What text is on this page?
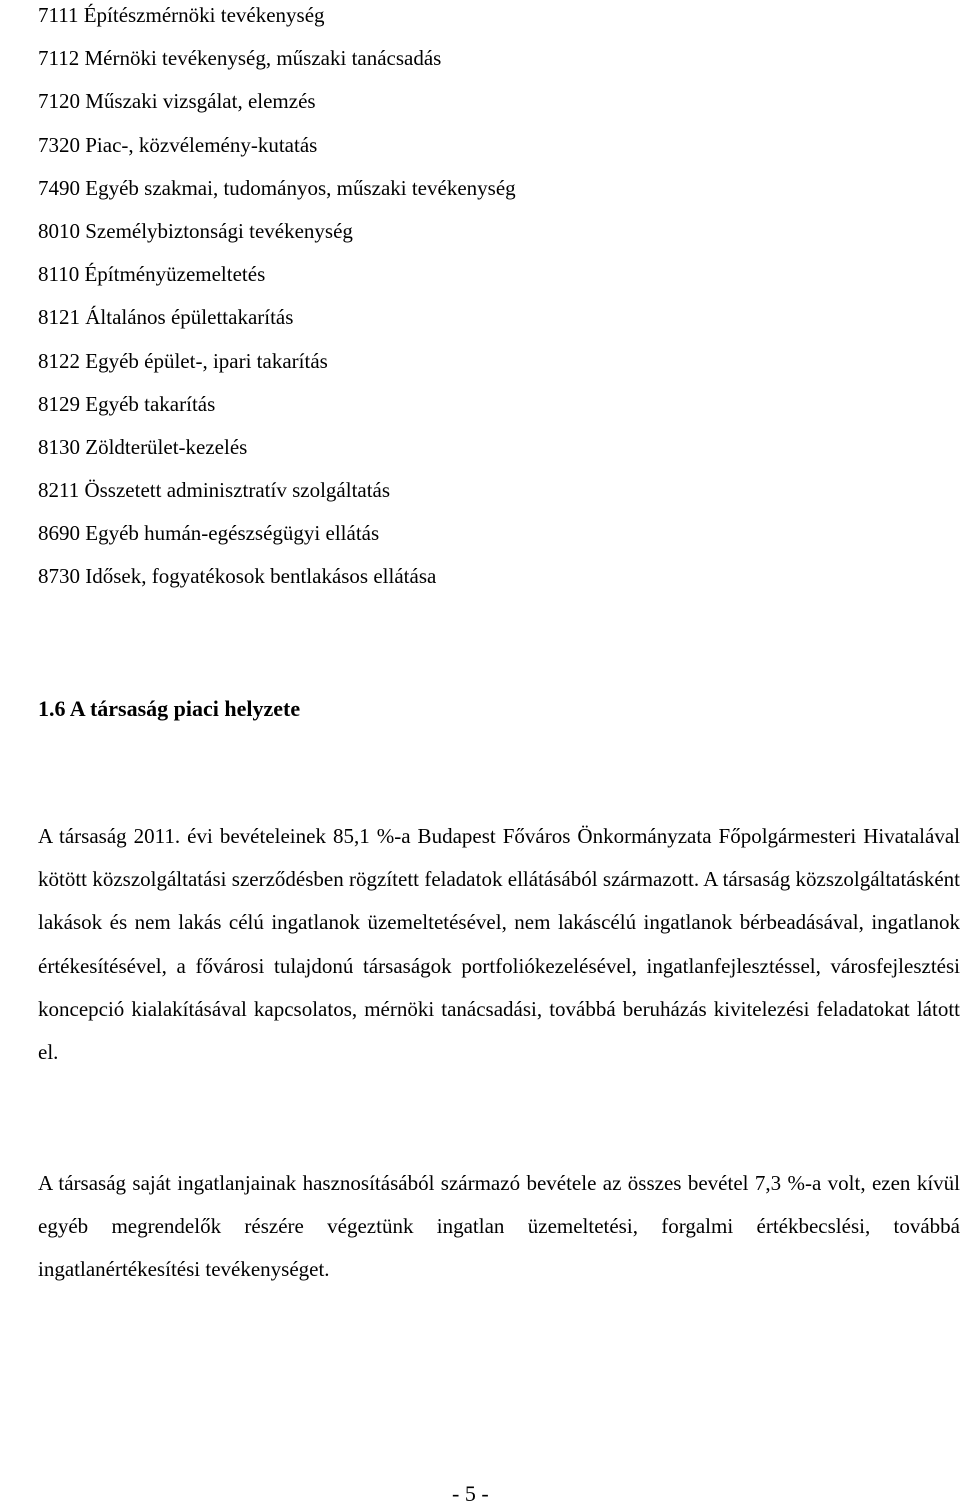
7111 Építészmérnöki tevékenység
7112 Mérnöki tevékenység, műszaki tanácsadás
7120 Műszaki vizsgálat, elemzés
7320 Piac-, közvélemény-kutatás
7490 Egyéb szakmai, tudományos, műszaki tevékenység
8010 Személybiztonsági tevékenység
8110 Építményüzemeltetés
8121 Általános épülettakarítás
8122 Egyéb épület-, ipari takarítás
8129 Egyéb takarítás
8130 Zöldterület-kezelés
8211 Összetett adminisztratív szolgáltatás
8690 Egyéb humán-egészségügyi ellátás
8730 Idősek, fogyatékosok bentlakásos ellátása
1.6 A társaság piaci helyzete

A társaság 2011. évi bevételeinek 85,1 %-a Budapest Főváros Önkormányzata Főpolgármesteri Hivatalával kötött közszolgáltatási szerződésben rögzített feladatok ellátásából származott. A társaság közszolgáltatásként lakások és nem lakás célú ingatlanok üzemeltetésével, nem lakáscélú ingatlanok bérbeadásával, ingatlanok értékesítésével, a fővárosi tulajdonú társaságok portfoliókezelésével, ingatlanfejlesztéssel, városfejlesztési koncepció kialakításával kapcsolatos, mérnöki tanácsadási, továbbá beruházás kivitelezési feladatokat látott el.

A társaság saját ingatlanjainak hasznosításából származó bevétele az összes bevétel 7,3 %-a volt, ezen kívül egyéb megrendelők részére végeztünk ingatlan üzemeltetési, forgalmi értékbecslési, továbbá ingatlanértékesítési tevékenységet.

- 5 -
